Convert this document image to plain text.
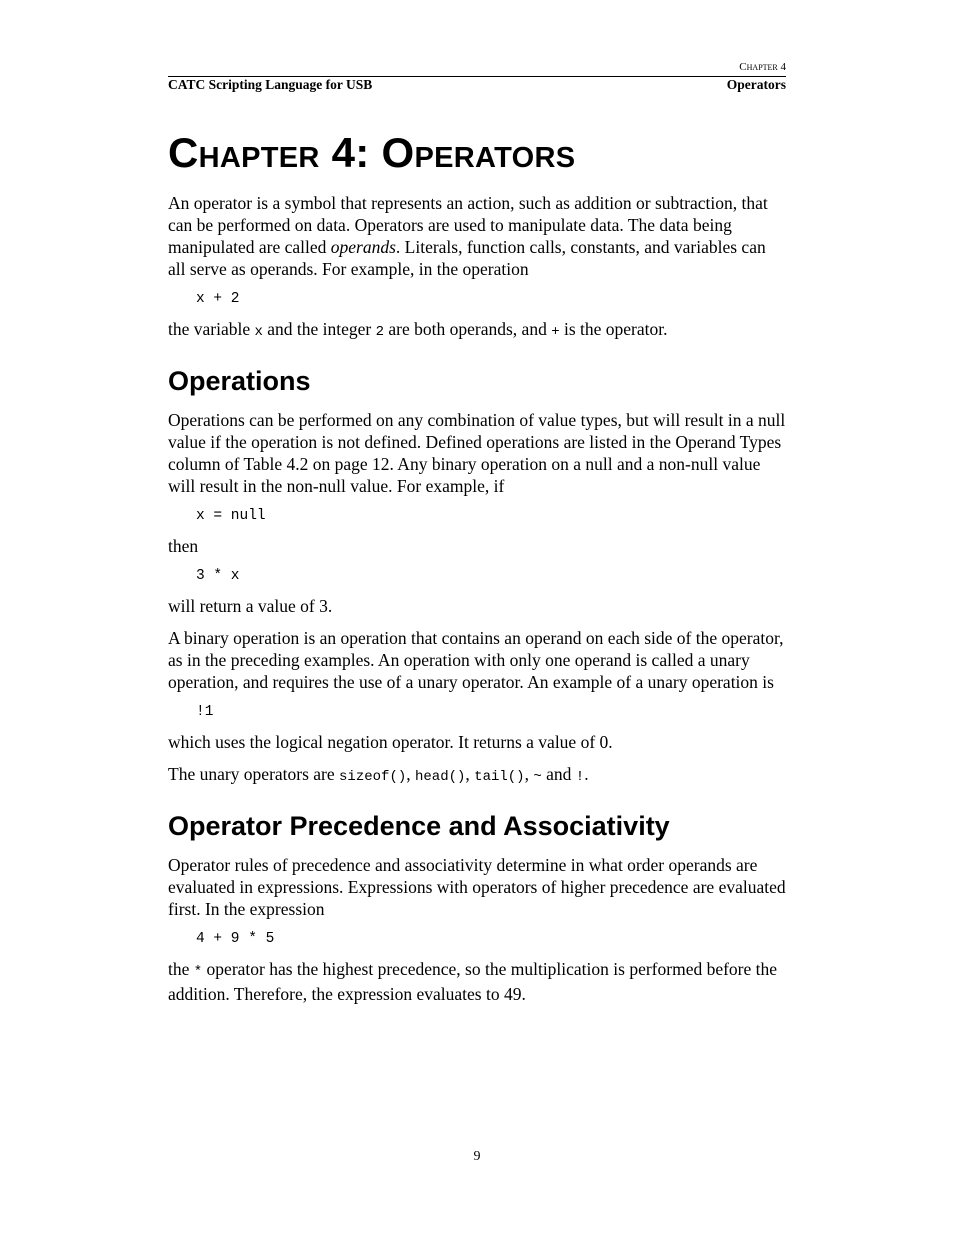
Chapter 4
CATC Scripting Language for USB	Operators
Chapter 4: Operators

An operator is a symbol that represents an action, such as addition or subtraction, that can be performed on data. Operators are used to manipulate data. The data being manipulated are called operands. Literals, function calls, constants, and variables can all serve as operands. For example, in the operation

x + 2

the variable x and the integer 2 are both operands, and + is the operator.

Operations

Operations can be performed on any combination of value types, but will result in a null value if the operation is not defined. Defined operations are listed in the Operand Types column of Table 4.2 on page 12. Any binary operation on a null and a non-null value will result in the non-null value. For example, if

x = null

then

3 * x

will return a value of 3.

A binary operation is an operation that contains an operand on each side of the operator, as in the preceding examples. An operation with only one operand is called a unary operation, and requires the use of a unary operator. An example of a unary operation is

!1

which uses the logical negation operator. It returns a value of 0.

The unary operators are sizeof(), head(), tail(), ~ and !.

Operator Precedence and Associativity

Operator rules of precedence and associativity determine in what order operands are evaluated in expressions. Expressions with operators of higher precedence are evaluated first. In the expression

4 + 9 * 5

the * operator has the highest precedence, so the multiplication is performed before the addition. Therefore, the expression evaluates to 49.

9
